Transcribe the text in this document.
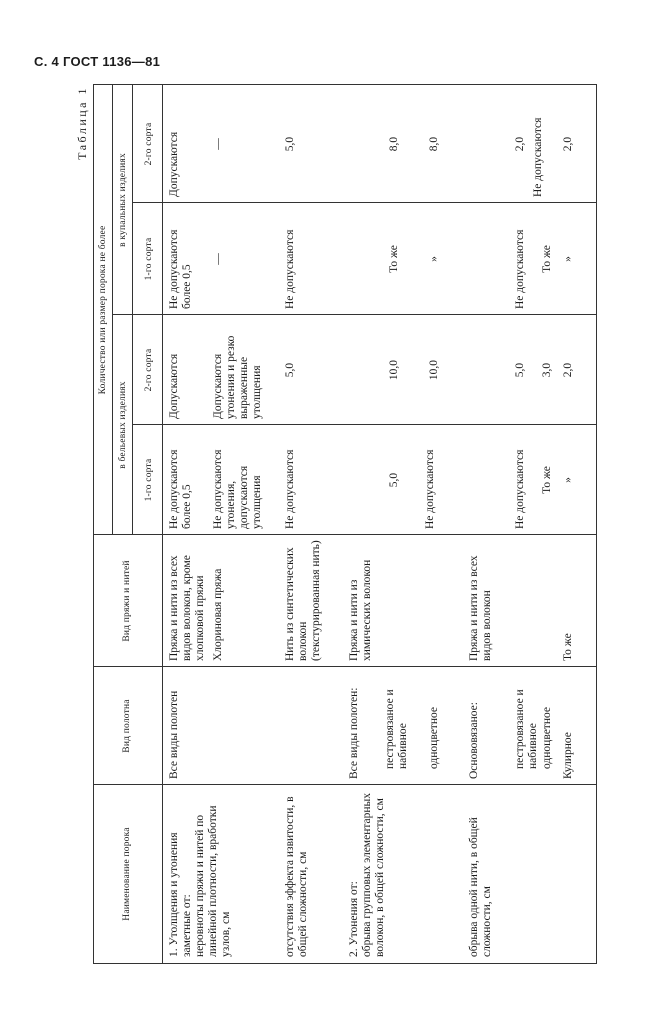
С. 4 ГОСТ 1136—81
Таблица 1
Наименование порока
Вид полотна
Вид пряжи и нитей
Количество или размер порока не более
в бельевых изделиях
в купальных изделиях
1-го сорта
2-го сорта
1-го сорта
2-го сорта
1. Утолщения и утонения заметные от:
неровноты пряжи и нитей по линейной плотности, вработки узлов, см
Все виды полотен
Пряжа и нити из всех видов волокон, кроме хлопковой пряжи
Не допускаются более 0,5
Допускаются
Не допускаются более 0,5
Допускаются
Хлориновая пряжа
Не допускаются утонения, допускаются утолщения
Допускаются утонения и резко выраженные утолщения
—
—
отсутствия эффекта извитости, в общей сложности, см
Нить из синтетических волокон (текстурированная нить)
Не допускаются
5,0
Не допускаются
5,0
2. Утонения от:
обрыва групповых элементарных волокон, в общей сложности, см
Все виды полотен:
Пряжа и нити из химических волокон
пестровязаное и набивное
5,0
10,0
То же
8,0
одноцветное
Не допускаются
10,0
»
8,0
обрыва одной нити, в общей сложности, см
Основовязаное:
Пряжа и нити из всех видов волокон
пестровязаное и набивное
Не допускаются
5,0
Не допускаются
2,0
одноцветное
То же
3,0
То же
Не допускаются
Кулирное
То же
»
2,0
»
2,0
